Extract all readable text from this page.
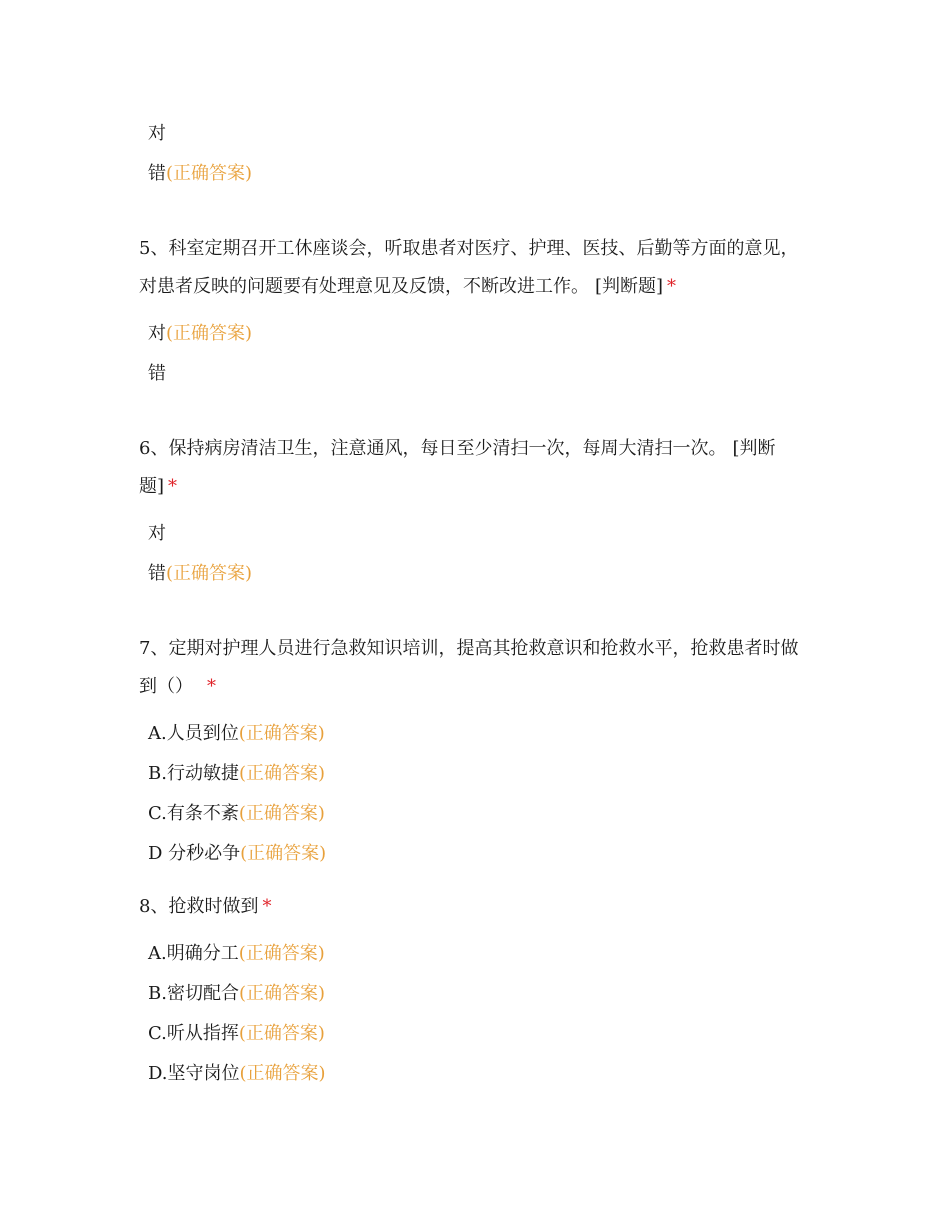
对
错(正确答案)
5、科室定期召开工休座谈会，听取患者对医疗、护理、医技、后勤等方面的意见，对患者反映的问题要有处理意见及反馈，不断改进工作。 [判断题] *
对(正确答案)
错
6、保持病房清洁卫生，注意通风，每日至少清扫一次，每周大清扫一次。 [判断题] *
对
错(正确答案)
7、定期对护理人员进行急救知识培训，提高其抢救意识和抢救水平，抢救患者时做到（） *
A.人员到位(正确答案)
B.行动敏捷(正确答案)
C.有条不紊(正确答案)
D 分秒必争(正确答案)
8、抢救时做到 *
A.明确分工(正确答案)
B.密切配合(正确答案)
C.听从指挥(正确答案)
D.坚守岗位(正确答案)
